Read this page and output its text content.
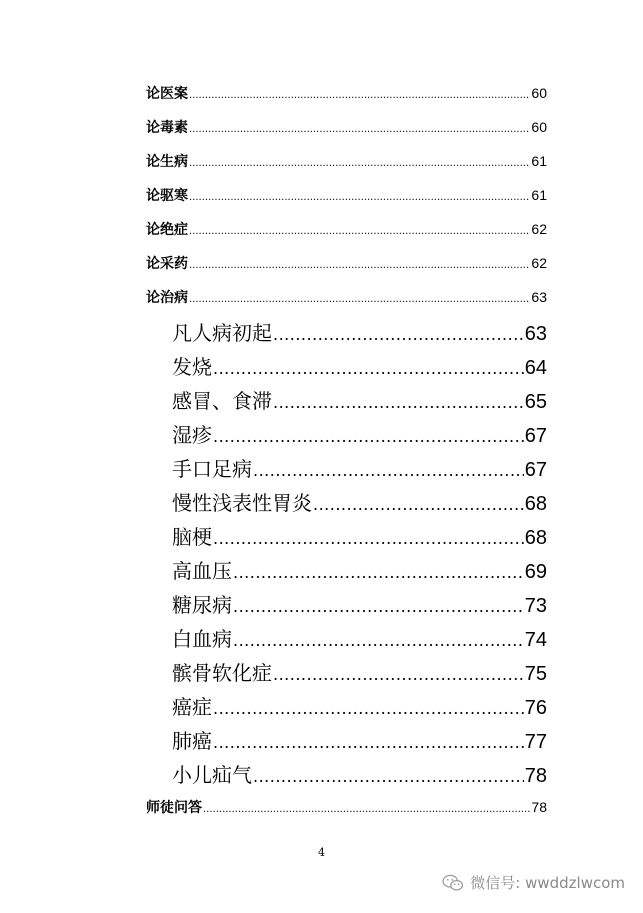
论医案 .....	60
论毒素 .....	60
论生病 .....	61
论驱寒 .....	61
论绝症 .....	62
论采药 .....	62
论治病 .....	63
凡人病初起 .....	63
发烧 .....	64
感冒、食滞 .....	65
湿疹 .....	67
手口足病 .....	67
慢性浅表性胃炎 .....	68
脑梗 .....	68
高血压 .....	69
糖尿病 .....	73
白血病 .....	74
髌骨软化症 .....	75
癌症 .....	76
肺癌 .....	77
小儿疝气 .....	78
师徒问答 .....	78
4
微信号: wwddzlwcom
